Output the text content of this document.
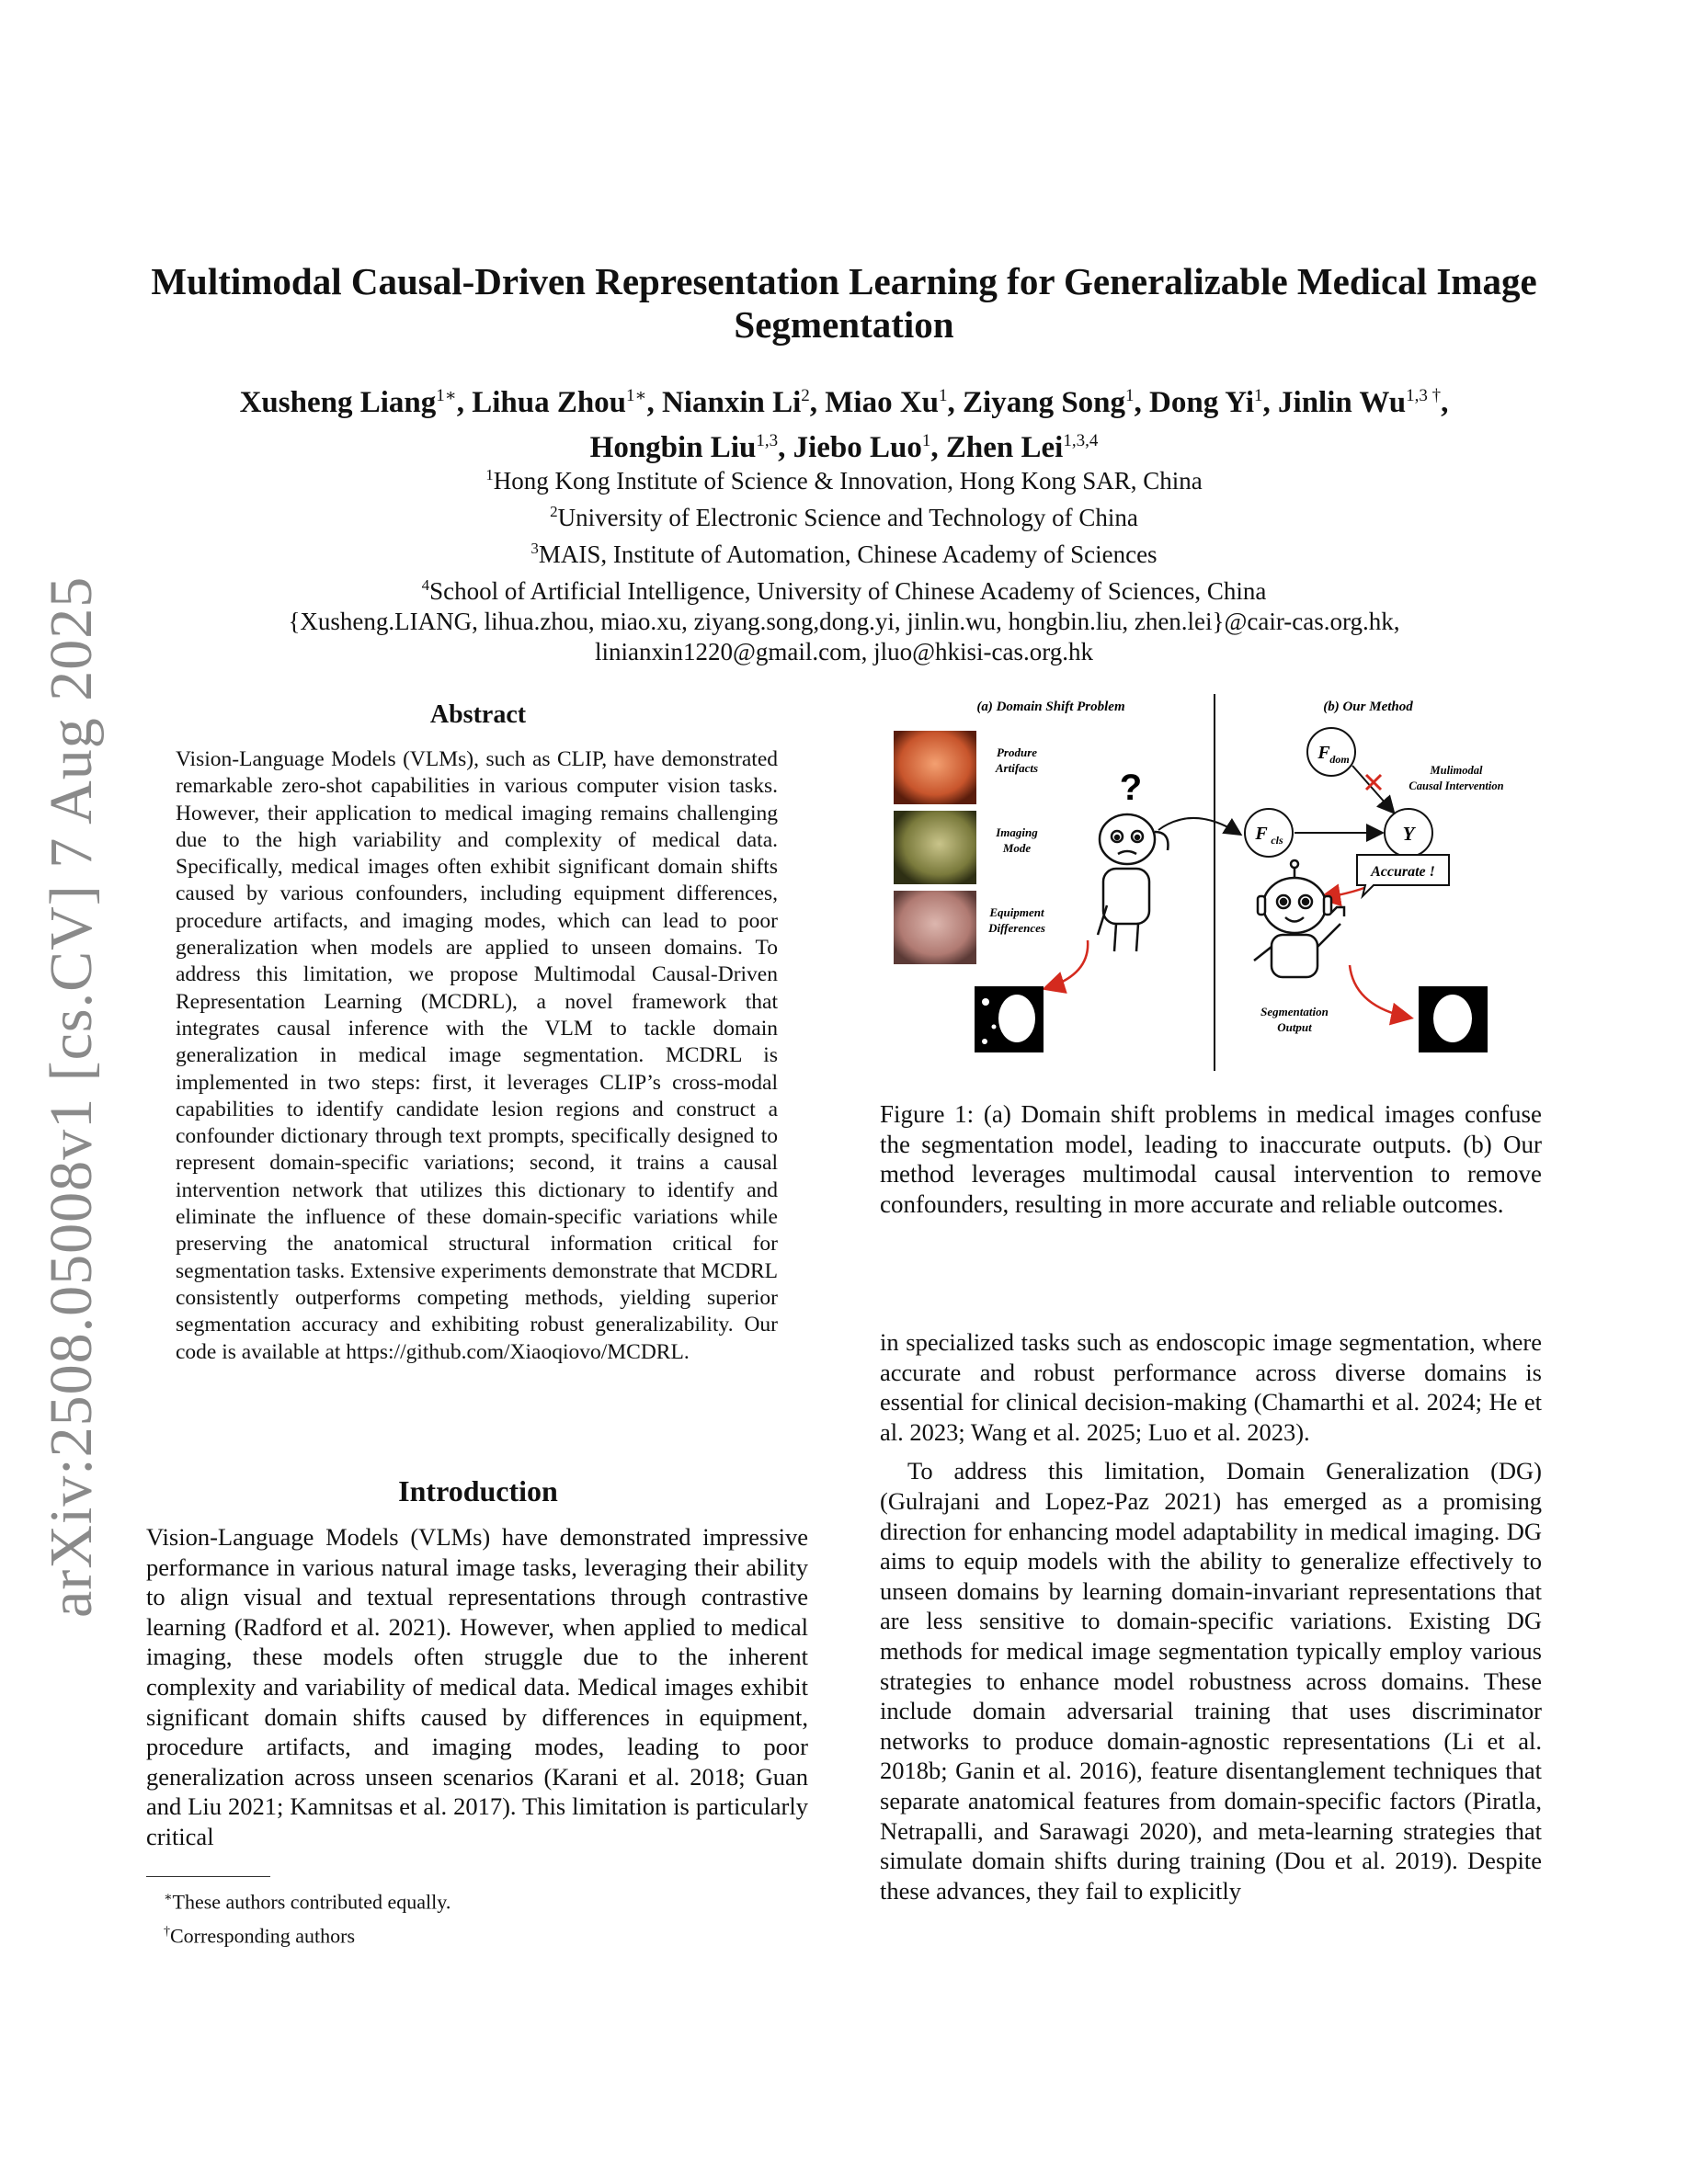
arXiv:2508.05008v1 [cs.CV] 7 Aug 2025
Multimodal Causal-Driven Representation Learning for Generalizable Medical Image Segmentation
Xusheng Liang$^{1∗}$, Lihua Zhou$^{1∗}$, Nianxin Li$^2$, Miao Xu$^1$, Ziyang Song$^1$, Dong Yi$^1$, Jinlin $Wu^{1,3 \dagger}$,
Hongbin Liu$^{1,3}$, Jiebo Luo$^1$, Zhen Lei$^{1,3,4}$
$^1$Hong Kong Institute of Science & Innovation, Hong Kong SAR, China
$^2$University of Electronic Science and Technology of China
$^3$MAIS, Institute of Automation, Chinese Academy of Sciences
$^4$School of Artificial Intelligence, University of Chinese Academy of Sciences, China
{Xusheng.LIANG, lihua.zhou, miao.xu, ziyang.song,dong.yi, jinlin.wu, hongbin.liu, zhen.lei}@cair-cas.org.hk,
linianxin1220@gmail.com, jluo@hkisi-cas.org.hk
Abstract
Vision-Language Models (VLMs), such as CLIP, have demonstrated remarkable zero-shot capabilities in various computer vision tasks. However, their application to medical imaging remains challenging due to the high variability and complexity of medical data. Specifically, medical images often exhibit significant domain shifts caused by various confounders, including equipment differences, procedure artifacts, and imaging modes, which can lead to poor generalization when models are applied to unseen domains. To address this limitation, we propose Multimodal Causal-Driven Representation Learning (MCDRL), a novel framework that integrates causal inference with the VLM to tackle domain generalization in medical image segmentation. MCDRL is implemented in two steps: first, it leverages CLIP’s cross-modal capabilities to identify candidate lesion regions and construct a confounder dictionary through text prompts, specifically designed to represent domain-specific variations; second, it trains a causal intervention network that utilizes this dictionary to identify and eliminate the influence of these domain-specific variations while preserving the anatomical structural information critical for segmentation tasks. Extensive experiments demonstrate that MCDRL consistently outperforms competing methods, yielding superior segmentation accuracy and exhibiting robust generalizability. Our code is available at https://github.com/Xiaoqiovo/MCDRL.
Introduction
Vision-Language Models (VLMs) have demonstrated impressive performance in various natural image tasks, leveraging their ability to align visual and textual representations through contrastive learning (Radford et al. 2021). However, when applied to medical imaging, these models often struggle due to the inherent complexity and variability of medical data. Medical images exhibit significant domain shifts caused by differences in equipment, procedure artifacts, and imaging modes, leading to poor generalization across unseen scenarios (Karani et al. 2018; Guan and Liu 2021; Kamnitsas et al. 2017). This limitation is particularly critical
∗These authors contributed equally.
†Corresponding authors
(a) Domain Shift Problem	(b) Our Method
Produre
Artifacts
Imaging
Mode
Equipment
Differences
?
F dom
F cls	Y
Mulimodal
Causal Intervention
Accurate !
Segmentation
Output
Figure 1: (a) Domain shift problems in medical images confuse the segmentation model, leading to inaccurate outputs. (b) Our method leverages multimodal causal intervention to remove confounders, resulting in more accurate and reliable outcomes.

in specialized tasks such as endoscopic image segmentation, where accurate and robust performance across diverse domains is essential for clinical decision-making (Chamarthi et al. 2024; He et al. 2023; Wang et al. 2025; Luo et al. 2023).

To address this limitation, Domain Generalization (DG) (Gulrajani and Lopez-Paz 2021) has emerged as a promising direction for enhancing model adaptability in medical imaging. DG aims to equip models with the ability to generalize effectively to unseen domains by learning domain-invariant representations that are less sensitive to domain-specific variations. Existing DG methods for medical image segmentation typically employ various strategies to enhance model robustness across domains. These include domain adversarial training that uses discriminator networks to produce domain-agnostic representations (Li et al. 2018b; Ganin et al. 2016), feature disentanglement techniques that separate anatomical features from domain-specific factors (Piratla, Netrapalli, and Sarawagi 2020), and meta-learning strategies that simulate domain shifts during training (Dou et al. 2019). Despite these advances, they fail to explicitly
